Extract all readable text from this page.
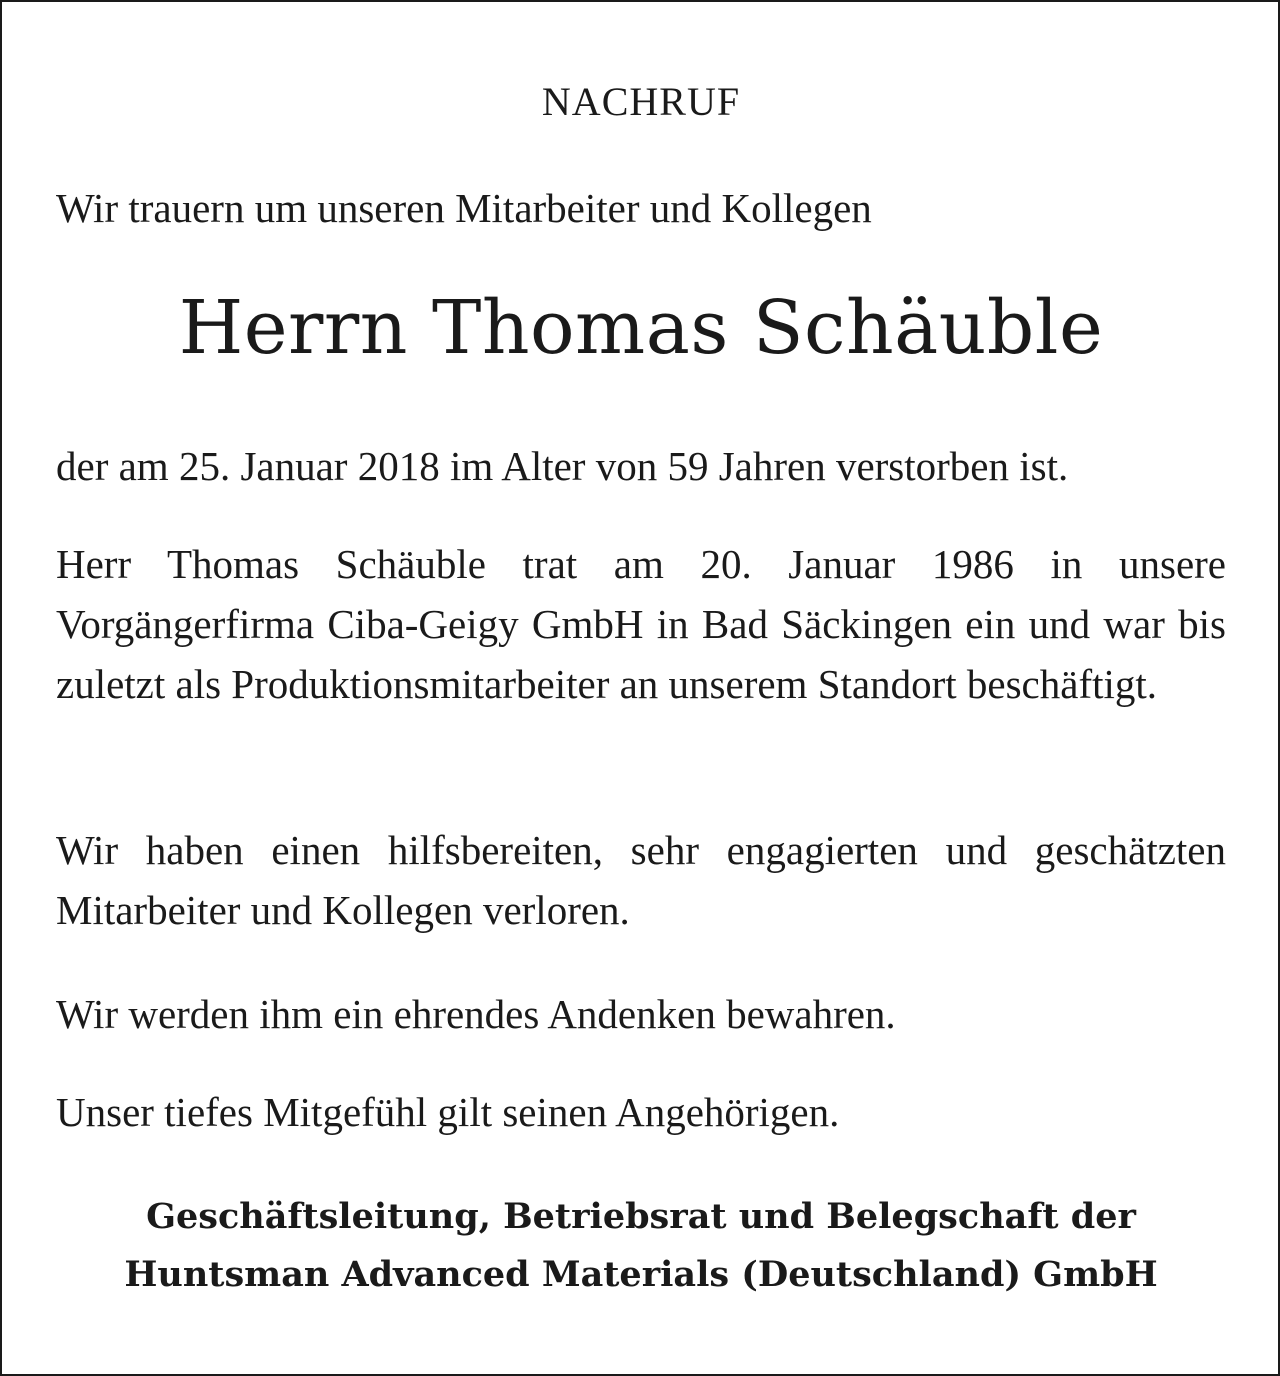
NACHRUF
Wir trauern um unseren Mitarbeiter und Kollegen
Herrn Thomas Schäuble
der am 25. Januar 2018 im Alter von 59 Jahren verstorben ist.
Herr Thomas Schäuble trat am 20. Januar 1986 in unsere Vorgängerfirma Ciba-Geigy GmbH in Bad Säckingen ein und war bis zuletzt als Produktionsmitarbeiter an unserem Standort beschäftigt.
Wir haben einen hilfsbereiten, sehr engagierten und geschätzten Mitarbeiter und Kollegen verloren.
Wir werden ihm ein ehrendes Andenken bewahren.
Unser tiefes Mitgefühl gilt seinen Angehörigen.
Geschäftsleitung, Betriebsrat und Belegschaft der
Huntsman Advanced Materials (Deutschland) GmbH
